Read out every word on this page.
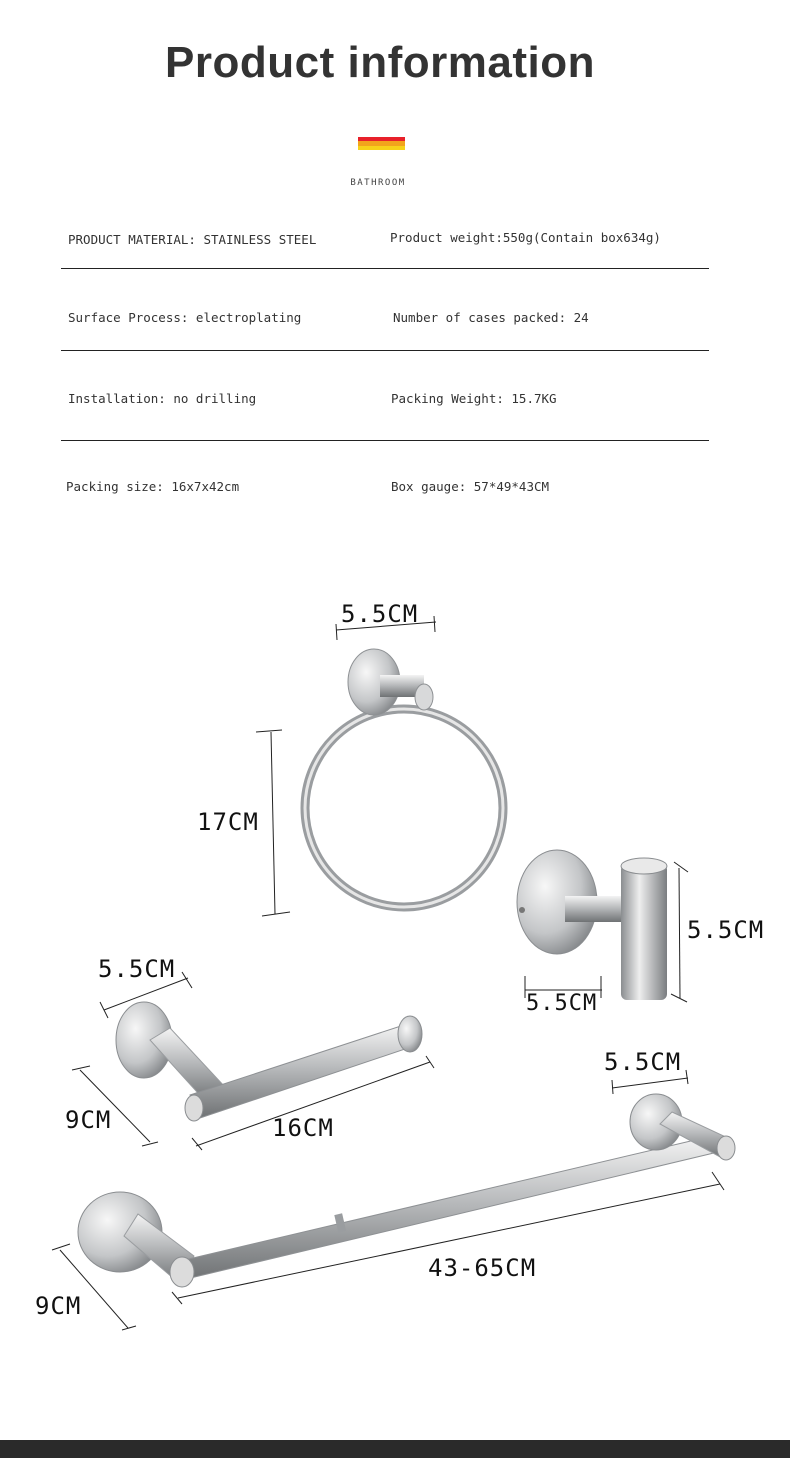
Product information
BATHROOM
PRODUCT MATERIAL: STAINLESS STEEL	Product weight:550g(Contain box634g)
Surface Process: electroplating	Number of cases packed: 24
Installation: no drilling	Packing Weight: 15.7KG
Packing size: 16x7x42cm	Box gauge: 57*49*43CM
5.5CM
17CM
5.5CM
5.5CM
5.5CM
9CM	16CM
5.5CM
43-65CM
9CM
